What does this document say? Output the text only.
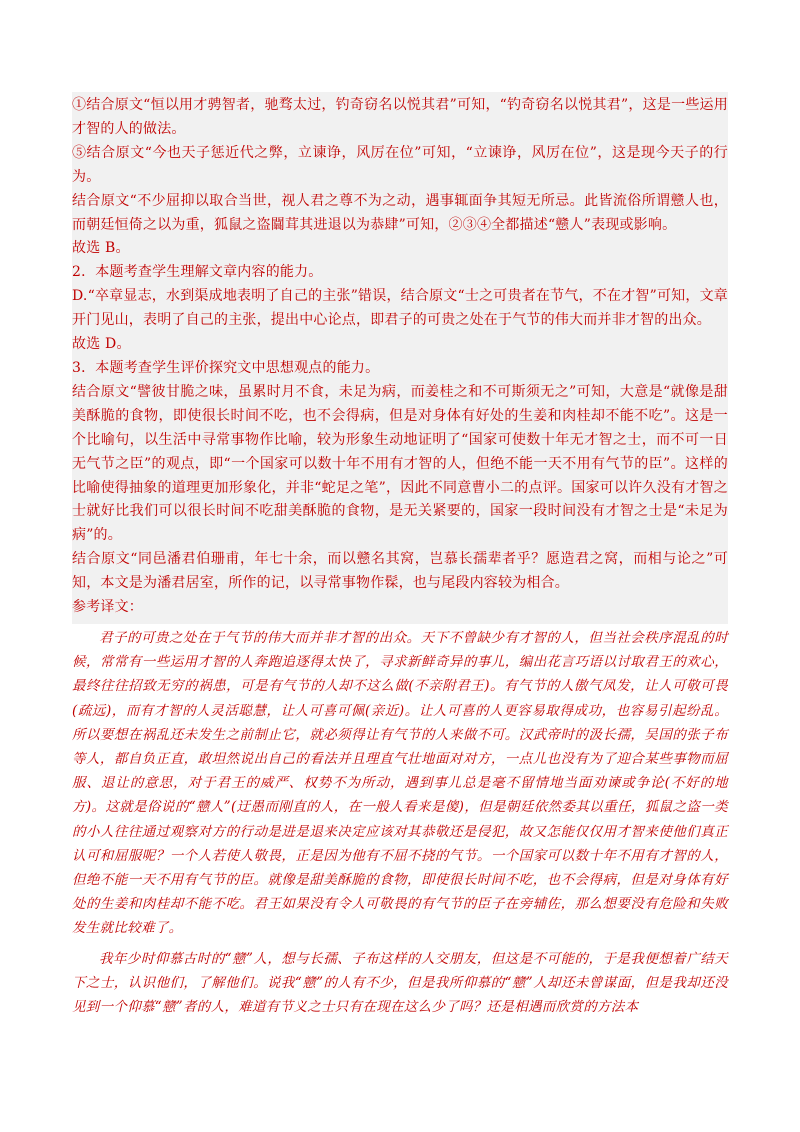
①结合原文“恒以用才骋智者，驰骛太过，钓奇窃名以悦其君”可知，“钓奇窃名以悦其君”，这是一些运用才智的人的做法。

⑤结合原文“今也天子惩近代之弊，立谏诤，风厉在位”可知，“立谏诤，风厉在位”，这是现今天子的行为。

结合原文“不少屈抑以取合当世，视人君之尊不为之动，遇事辄面争其短无所忌。此皆流俗所谓戆人也，而朝廷恒倚之以为重，狐鼠之盗闒茸其进退以为恭肆”可知，②③④全都描述“戆人”表现或影响。

故选 B。

2．本题考查学生理解文章内容的能力。

D.“卒章显志，水到渠成地表明了自己的主张”错误，结合原文“士之可贵者在节气，不在才智”可知，文章开门见山，表明了自己的主张，提出中心论点，即君子的可贵之处在于气节的伟大而并非才智的出众。

故选 D。

3．本题考查学生评价探究文中思想观点的能力。

结合原文“譬彼甘脆之味，虽累时月不食，未足为病，而姜桂之和不可斯须无之”可知，大意是“就像是甜美酥脆的食物，即使很长时间不吃，也不会得病，但是对身体有好处的生姜和肉桂却不能不吃”。这是一个比喻句，以生活中寻常事物作比喻，较为形象生动地证明了“国家可使数十年无才智之士，而不可一日无气节之臣”的观点，即“一个国家可以数十年不用有才智的人，但绝不能一天不用有气节的臣”。这样的比喻使得抽象的道理更加形象化，并非“蛇足之笔”，因此不同意曹小二的点评。国家可以许久没有才智之士就好比我们可以很长时间不吃甜美酥脆的食物，是无关紧要的，国家一段时间没有才智之士是“未足为病”的。

结合原文“同邑潘君伯珊甫，年七十余，而以戆名其窝，岂慕长孺辈者乎？愿造君之窝，而相与论之”可知，本文是为潘君居室，所作的记，以寻常事物作髹，也与尾段内容较为相合。

参考译文：

君子的可贵之处在于气节的伟大而并非才智的出众。天下不曾缺少有才智的人，但当社会秩序混乱的时候，常常有一些运用才智的人奔跑追逐得太快了，寻求新鲜奇异的事儿，编出花言巧语以讨取君王的欢心，最终往往招致无穷的祸患，可是有气节的人却不这么做(不亲附君王)。有气节的人傲气凤发，让人可敬可畏(疏远)，而有才智的人灵活聪慧，让人可喜可佩(亲近)。让人可喜的人更容易取得成功，也容易引起纷乱。所以要想在祸乱还未发生之前制止它，就必须得让有气节的人来做不可。汉武帝时的汲长孺，吴国的张子布等人，都自负正直，敢坦然说出自己的看法并且理直气壮地面对对方，一点儿也没有为了迎合某些事物而屈服、退让的意思，对于君王的威严、权势不为所动，遇到事儿总是毫不留情地当面劝谏或争论(不好的地方)。这就是俗说的“戆人”(迂愚而刚直的人，在一般人看来是傻)，但是朝廷依然委其以重任，狐鼠之盗一类的小人往往通过观察对方的行动是进是退来决定应该对其恭敬还是侵犯，故又怎能仅仅用才智来使他们真正认可和屈服呢？一个人若使人敬畏，正是因为他有不屈不挠的气节。一个国家可以数十年不用有才智的人，但绝不能一天不用有气节的臣。就像是甜美酥脆的食物，即使很长时间不吃，也不会得病，但是对身体有好处的生姜和肉桂却不能不吃。君王如果没有令人可敬畏的有气节的臣子在旁辅佐，那么想要没有危险和失败发生就比较难了。

我年少时仰慕古时的“戆”人，想与长孺、子布这样的人交朋友，但这是不可能的，于是我便想着广结天下之士，认识他们，了解他们。说我“戆”的人有不少，但是我所仰慕的“戆”人却还未曾谋面，但是我却还没见到一个仰慕“戆”者的人，难道有节义之士只有在现在这么少了吗？还是相遇而欣赏的方法本
